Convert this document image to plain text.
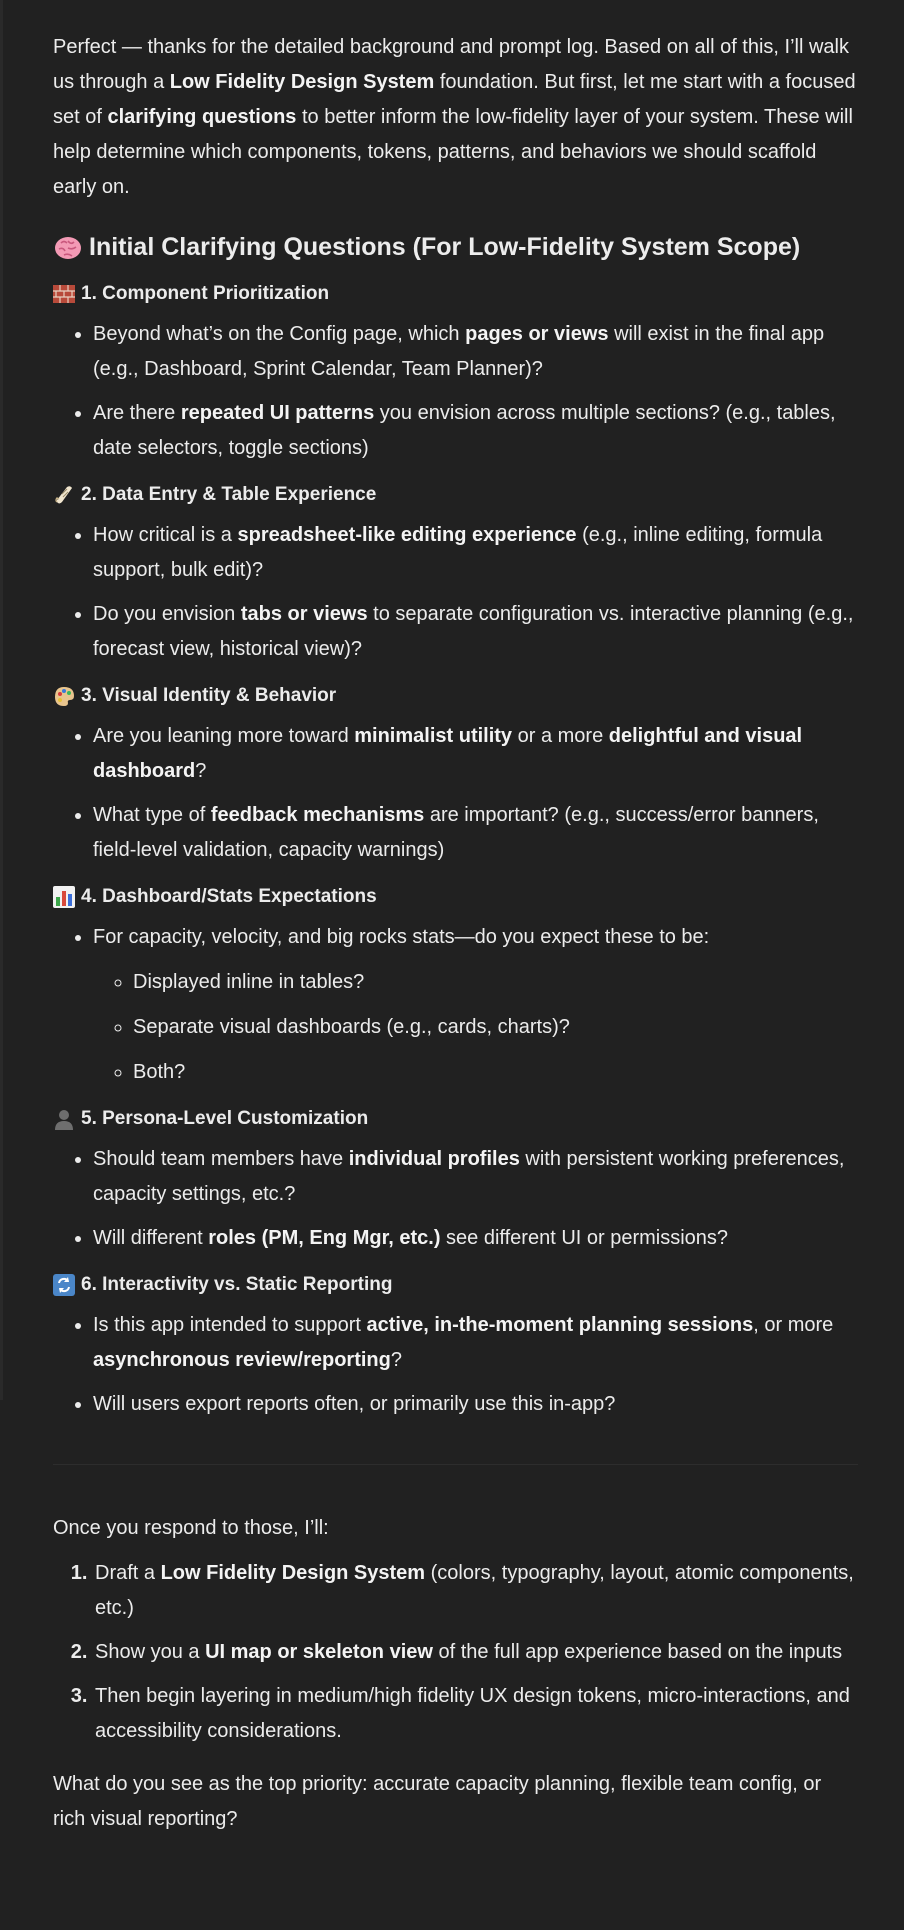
Perfect — thanks for the detailed background and prompt log. Based on all of this, I’ll walk us through a Low Fidelity Design System foundation. But first, let me start with a focused set of clarifying questions to better inform the low-fidelity layer of your system. These will help determine which components, tokens, patterns, and behaviors we should scaffold early on.

Initial Clarifying Questions (For Low-Fidelity System Scope)
1. Component Prioritization
• Beyond what’s on the Config page, which pages or views will exist in the final app (e.g., Dashboard, Sprint Calendar, Team Planner)?
• Are there repeated UI patterns you envision across multiple sections? (e.g., tables, date selectors, toggle sections)
2. Data Entry & Table Experience
• How critical is a spreadsheet-like editing experience (e.g., inline editing, formula support, bulk edit)?
• Do you envision tabs or views to separate configuration vs. interactive planning (e.g., forecast view, historical view)?
3. Visual Identity & Behavior
• Are you leaning more toward minimalist utility or a more delightful and visual dashboard?
• What type of feedback mechanisms are important? (e.g., success/error banners, field-level validation, capacity warnings)
4. Dashboard/Stats Expectations
• For capacity, velocity, and big rocks stats—do you expect these to be:
◦ Displayed inline in tables?
◦ Separate visual dashboards (e.g., cards, charts)?
◦ Both?
5. Persona-Level Customization
• Should team members have individual profiles with persistent working preferences, capacity settings, etc.?
• Will different roles (PM, Eng Mgr, etc.) see different UI or permissions?
6. Interactivity vs. Static Reporting
• Is this app intended to support active, in-the-moment planning sessions, or more asynchronous review/reporting?
• Will users export reports often, or primarily use this in-app?

Once you respond to those, I’ll:

1. Draft a Low Fidelity Design System (colors, typography, layout, atomic components, etc.)
2. Show you a UI map or skeleton view of the full app experience based on the inputs
3. Then begin layering in medium/high fidelity UX design tokens, micro-interactions, and accessibility considerations.

What do you see as the top priority: accurate capacity planning, flexible team config, or rich visual reporting?
